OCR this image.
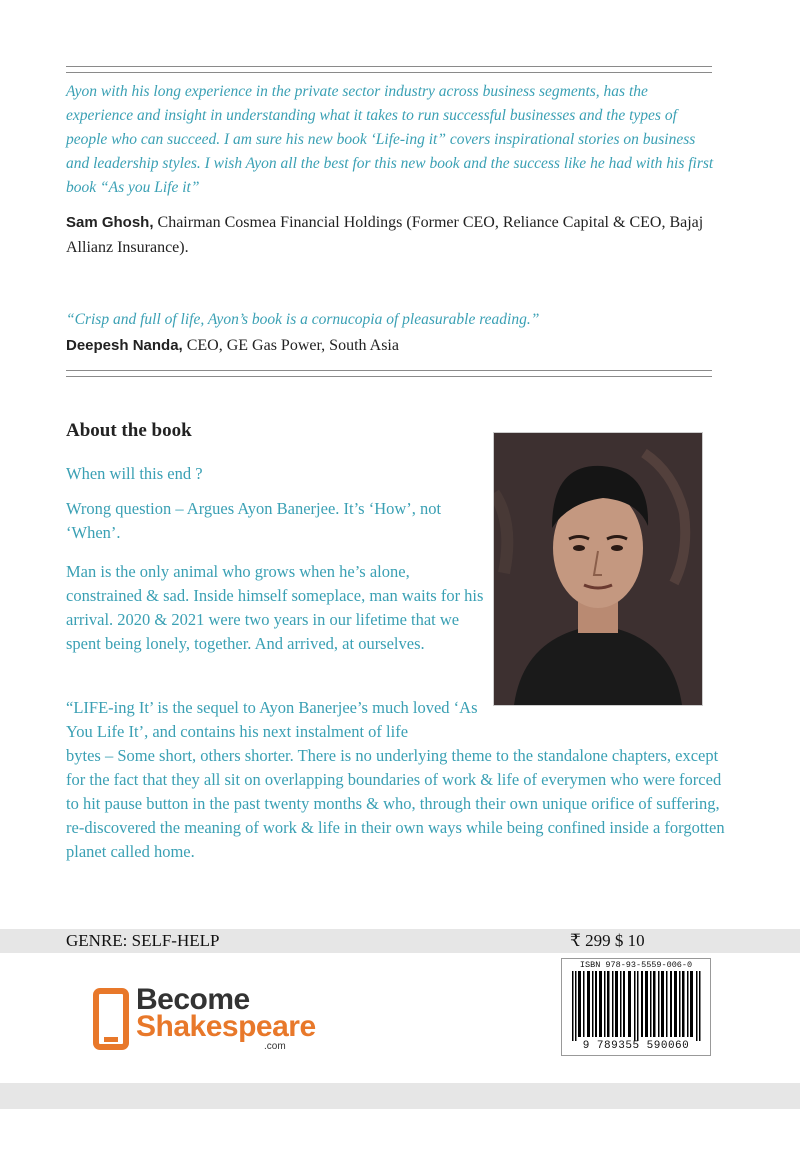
Ayon with his long experience in the private sector industry across business segments, has the experience and insight in understanding what it takes to run successful businesses and the types of people who can succeed. I am sure his new book ‘Life-ing it” covers inspirational stories on business and leadership styles. I wish Ayon all the best for this new book and the success like he had with his first book “As you Life it”

Sam Ghosh, Chairman Cosmea Financial Holdings (Former CEO, Reliance Capital & CEO, Bajaj Allianz Insurance).

“Crisp and full of life, Ayon’s book is a cornucopia of pleasurable reading.”

Deepesh Nanda, CEO, GE Gas Power, South Asia
About the book

When will this end ?

Wrong question – Argues Ayon Banerjee. It’s ‘How’, not ‘When’.

Man is the only animal who grows when he’s alone, constrained & sad. Inside himself someplace, man waits for his arrival. 2020 & 2021 were two years in our lifetime that we spent being lonely, together. And arrived, at ourselves.

“LIFE-ing It’ is the sequel to Ayon Banerjee’s much loved ‘As You Life It’, and contains his next instalment of life

bytes – Some short, others shorter. There is no underlying theme to the standalone chapters, except for the fact that they all sit on overlapping boundaries of work & life of everymen who were forced to hit pause button in the past twenty months & who, through their own unique orifice of suffering, re-discovered the meaning of work & life in their own ways while being confined inside a forgotten planet called home.

GENRE: SELF-HELP	₹ 299 $ 10
Become
Shakespeare
.com
ISBN 978-93-5559-006-0
9 789355 590060
